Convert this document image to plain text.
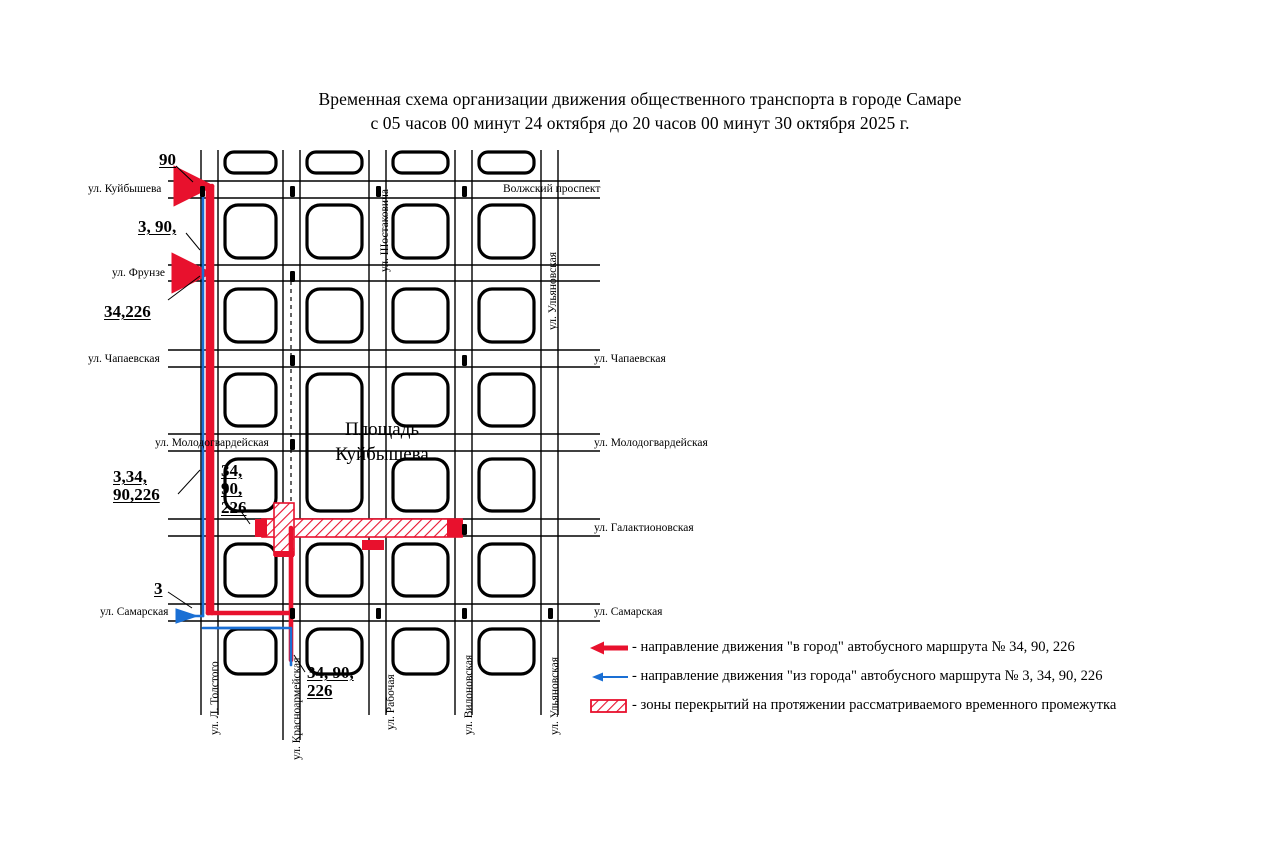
Временная схема организации движения общественного транспорта в городе Самаре
с 05 часов 00 минут 24 октября до 20 часов 00 минут 30 октября 2025 г.
ул. Куйбышева	Волжский проспект
ул. Фрунзе
ул. Чапаевская	ул. Чапаевская
ул. Молодогвардейская	ул. Молодогвардейская
ул. Галактионовская
ул. Самарская	ул. Самарская
ул. Л. Толстого	ул. Красноармейская	ул. Рабочая	ул. Вилоновская	ул. Ульяновская
ул. Шостаковича
ул. Ульяновская
Площадь
Куйбышева
90
3, 90,
34,226
3,34,
90,226
34,
90,
226
3
34, 90,
226
- направление движения "в город" автобусного маршрута № 34, 90, 226
- направление движения "из города" автобусного маршрута № 3, 34, 90, 226
- зоны перекрытий на протяжении рассматриваемого временного промежутка
